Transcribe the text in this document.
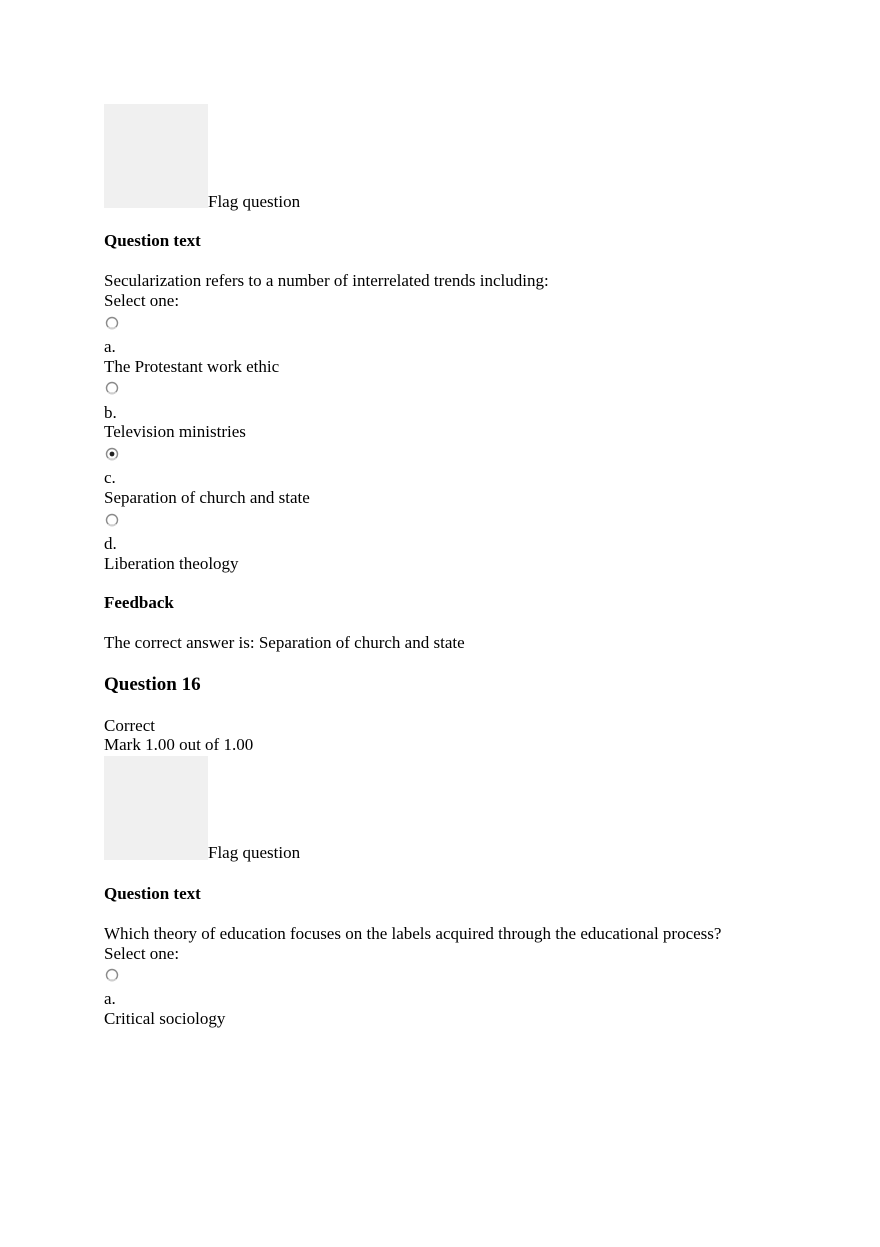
Flag question
Question text
Secularization refers to a number of interrelated trends including:
Select one:
a.
The Protestant work ethic
b.
Television ministries
c.
Separation of church and state
d.
Liberation theology
Feedback
The correct answer is: Separation of church and state
Question 16
Correct
Mark 1.00 out of 1.00
Flag question
Question text
Which theory of education focuses on the labels acquired through the educational process?
Select one:
a.
Critical sociology
